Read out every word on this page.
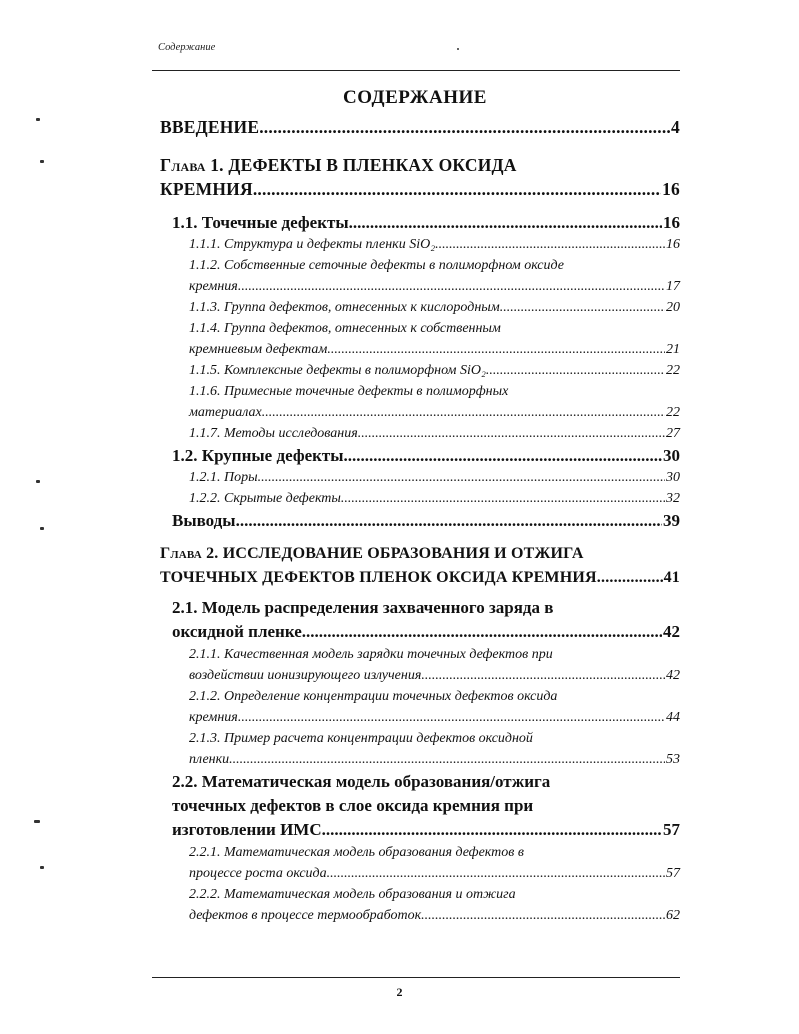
Содержание
СОДЕРЖАНИЕ
ВВЕДЕНИЕ .....	4
Глава 1. ДЕФЕКТЫ В ПЛЕНКАХ ОКСИДА
КРЕМНИЯ .....	16
1.1. Точечные дефекты .....	16
1.1.1. Структура и дефекты пленки SiO₂ .....	16
1.1.2. Собственные сеточные дефекты в полиморфном оксиде
кремния .....	17
1.1.3. Группа дефектов, отнесенных к кислородным .....	20
1.1.4. Группа дефектов, отнесенных к собственным
кремниевым дефектам .....	21
1.1.5. Комплексные дефекты в полиморфном SiO₂ .....	22
1.1.6. Примесные точечные дефекты в полиморфных
материалах .....	22
1.1.7. Методы исследования .....	27
1.2. Крупные дефекты .....	30
1.2.1. Поры .....	30
1.2.2. Скрытые дефекты .....	32
Выводы .....	39
Глава 2. ИССЛЕДОВАНИЕ ОБРАЗОВАНИЯ И ОТЖИГА
ТОЧЕЧНЫХ ДЕФЕКТОВ ПЛЕНОК ОКСИДА КРЕМНИЯ .....	41
2.1. Модель распределения захваченного заряда в
оксидной пленке .....	42
2.1.1. Качественная модель зарядки точечных дефектов при
воздействии ионизирующего излучения .....	42
2.1.2. Определение концентрации точечных дефектов оксида
кремния .....	44
2.1.3. Пример расчета концентрации дефектов оксидной
пленки .....	53
2.2. Математическая модель образования/отжига
точечных дефектов в слое оксида кремния при
изготовлении ИМС .....	57
2.2.1. Математическая модель образования дефектов в
процессе роста оксида .....	57
2.2.2. Математическая модель образования и отжига
дефектов в процессе термообработок .....	62
2
